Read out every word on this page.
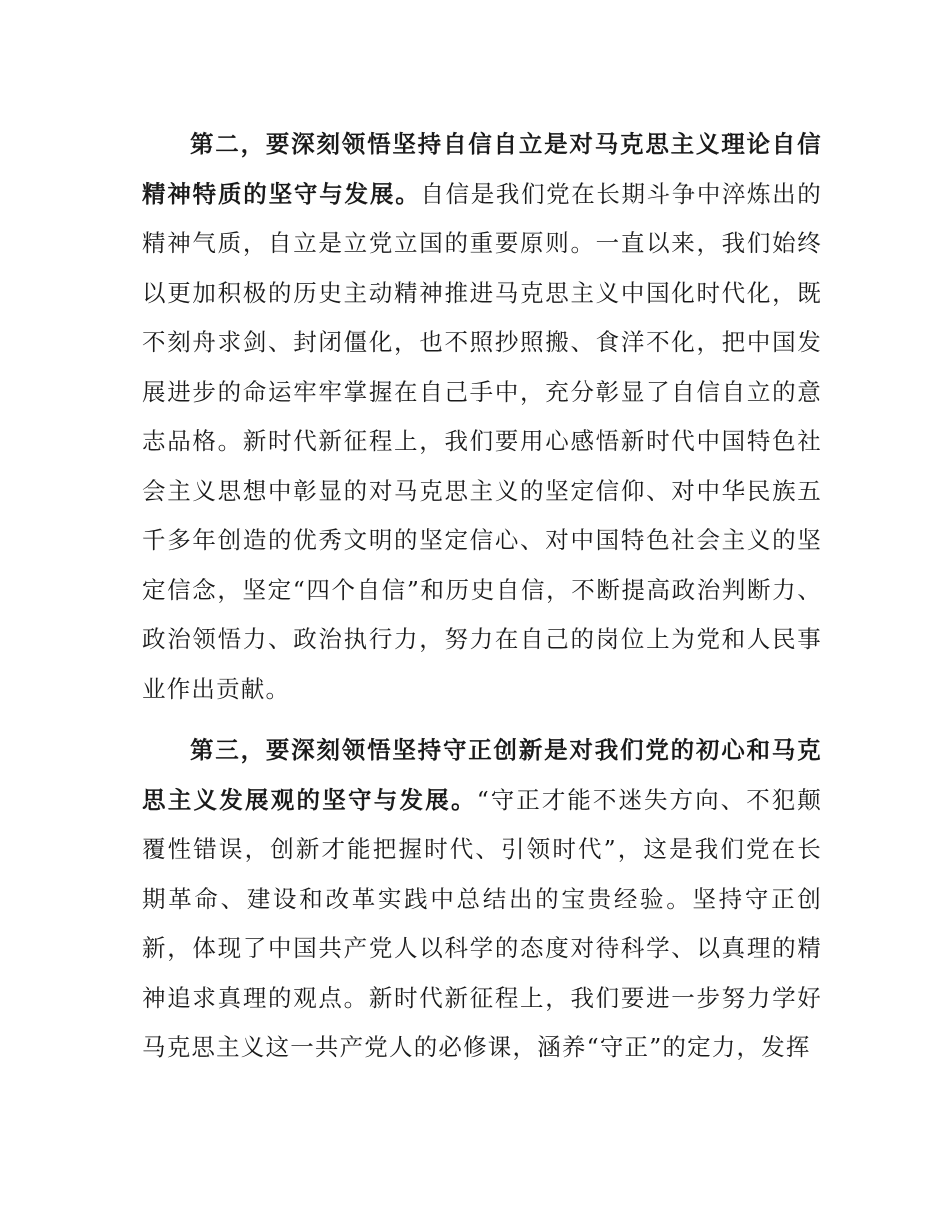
第二，要深刻领悟坚持自信自立是对马克思主义理论自信精神特质的坚守与发展。自信是我们党在长期斗争中淬炼出的精神气质，自立是立党立国的重要原则。一直以来，我们始终以更加积极的历史主动精神推进马克思主义中国化时代化，既不刻舟求剑、封闭僵化，也不照抄照搬、食洋不化，把中国发展进步的命运牢牢掌握在自己手中，充分彰显了自信自立的意志品格。新时代新征程上，我们要用心感悟新时代中国特色社会主义思想中彰显的对马克思主义的坚定信仰、对中华民族五千多年创造的优秀文明的坚定信心、对中国特色社会主义的坚定信念，坚定“四个自信”和历史自信，不断提高政治判断力、政治领悟力、政治执行力，努力在自己的岗位上为党和人民事业作出贡献。

第三，要深刻领悟坚持守正创新是对我们党的初心和马克思主义发展观的坚守与发展。“守正才能不迷失方向、不犯颠覆性错误，创新才能把握时代、引领时代”，这是我们党在长期革命、建设和改革实践中总结出的宝贵经验。坚持守正创新，体现了中国共产党人以科学的态度对待科学、以真理的精神追求真理的观点。新时代新征程上，我们要进一步努力学好马克思主义这一共产党人的必修课，涵养“守正”的定力，发挥
